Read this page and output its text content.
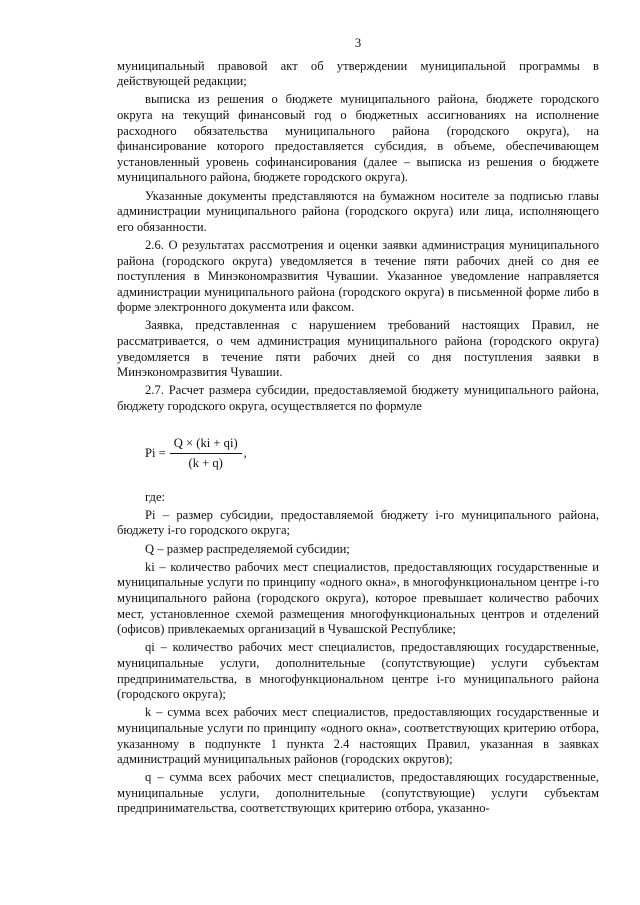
3

муниципальный правовой акт об утверждении муниципальной программы в действующей редакции;

выписка из решения о бюджете муниципального района, бюджете городского округа на текущий финансовый год о бюджетных ассигнованиях на исполнение расходного обязательства муниципального района (городского округа), на финансирование которого предоставляется субсидия, в объеме, обеспечивающем установленный уровень софинансирования (далее – выписка из решения о бюджете муниципального района, бюджете городского округа).

Указанные документы представляются на бумажном носителе за подписью главы администрации муниципального района (городского округа) или лица, исполняющего его обязанности.

2.6. О результатах рассмотрения и оценки заявки администрация муниципального района (городского округа) уведомляется в течение пяти рабочих дней со дня ее поступления в Минэкономразвития Чувашии. Указанное уведомление направляется администрации муниципального района (городского округа) в письменной форме либо в форме электронного документа или факсом.

Заявка, представленная с нарушением требований настоящих Правил, не рассматривается, о чем администрация муниципального района (городского округа) уведомляется в течение пяти рабочих дней со дня поступления заявки в Минэкономразвития Чувашии.

2.7. Расчет размера субсидии, предоставляемой бюджету муниципального района, бюджету городского округа, осуществляется по формуле

$Pi = \frac{Q \times (ki + qi)}{(k + q)}$ ,

где:

Pi – размер субсидии, предоставляемой бюджету i-го муниципального района, бюджету i-го городского округа;

Q – размер распределяемой субсидии;

ki – количество рабочих мест специалистов, предоставляющих государственные и муниципальные услуги по принципу «одного окна», в многофункциональном центре i-го муниципального района (городского округа), которое превышает количество рабочих мест, установленное схемой размещения многофункциональных центров и отделений (офисов) привлекаемых организаций в Чувашской Республике;

qi – количество рабочих мест специалистов, предоставляющих государственные, муниципальные услуги, дополнительные (сопутствующие) услуги субъектам предпринимательства, в многофункциональном центре i-го муниципального района (городского округа);

k – сумма всех рабочих мест специалистов, предоставляющих государственные и муниципальные услуги по принципу «одного окна», соответствующих критерию отбора, указанному в подпункте 1 пункта 2.4 настоящих Правил, указанная в заявках администраций муниципальных районов (городских округов);

q – сумма всех рабочих мест специалистов, предоставляющих государственные, муниципальные услуги, дополнительные (сопутствующие) услуги субъектам предпринимательства, соответствующих критерию отбора, указанно-
